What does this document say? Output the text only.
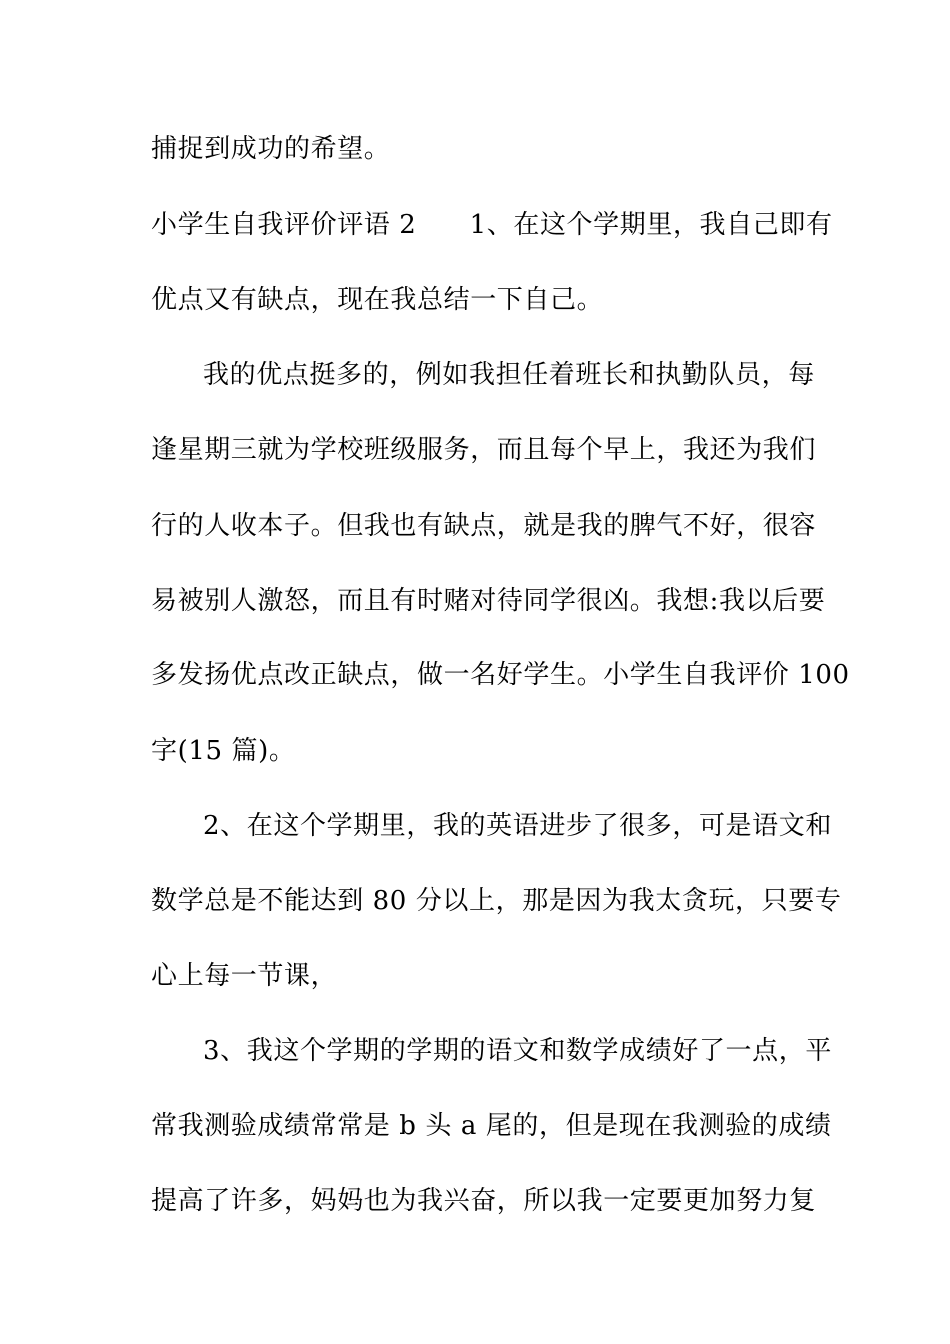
捕捉到成功的希望。
小学生自我评价评语 2　　1、在这个学期里，我自己即有
优点又有缺点，现在我总结一下自己。
我的优点挺多的，例如我担任着班长和执勤队员，每
逢星期三就为学校班级服务，而且每个早上，我还为我们
行的人收本子。但我也有缺点，就是我的脾气不好，很容
易被别人激怒，而且有时赌对待同学很凶。我想:我以后要
多发扬优点改正缺点，做一名好学生。小学生自我评价 100
字(15 篇)。
2、在这个学期里，我的英语进步了很多，可是语文和
数学总是不能达到 80 分以上，那是因为我太贪玩，只要专
心上每一节课，
3、我这个学期的学期的语文和数学成绩好了一点，平
常我测验成绩常常是 b 头 a 尾的，但是现在我测验的成绩
提高了许多，妈妈也为我兴奋，所以我一定要更加努力复
